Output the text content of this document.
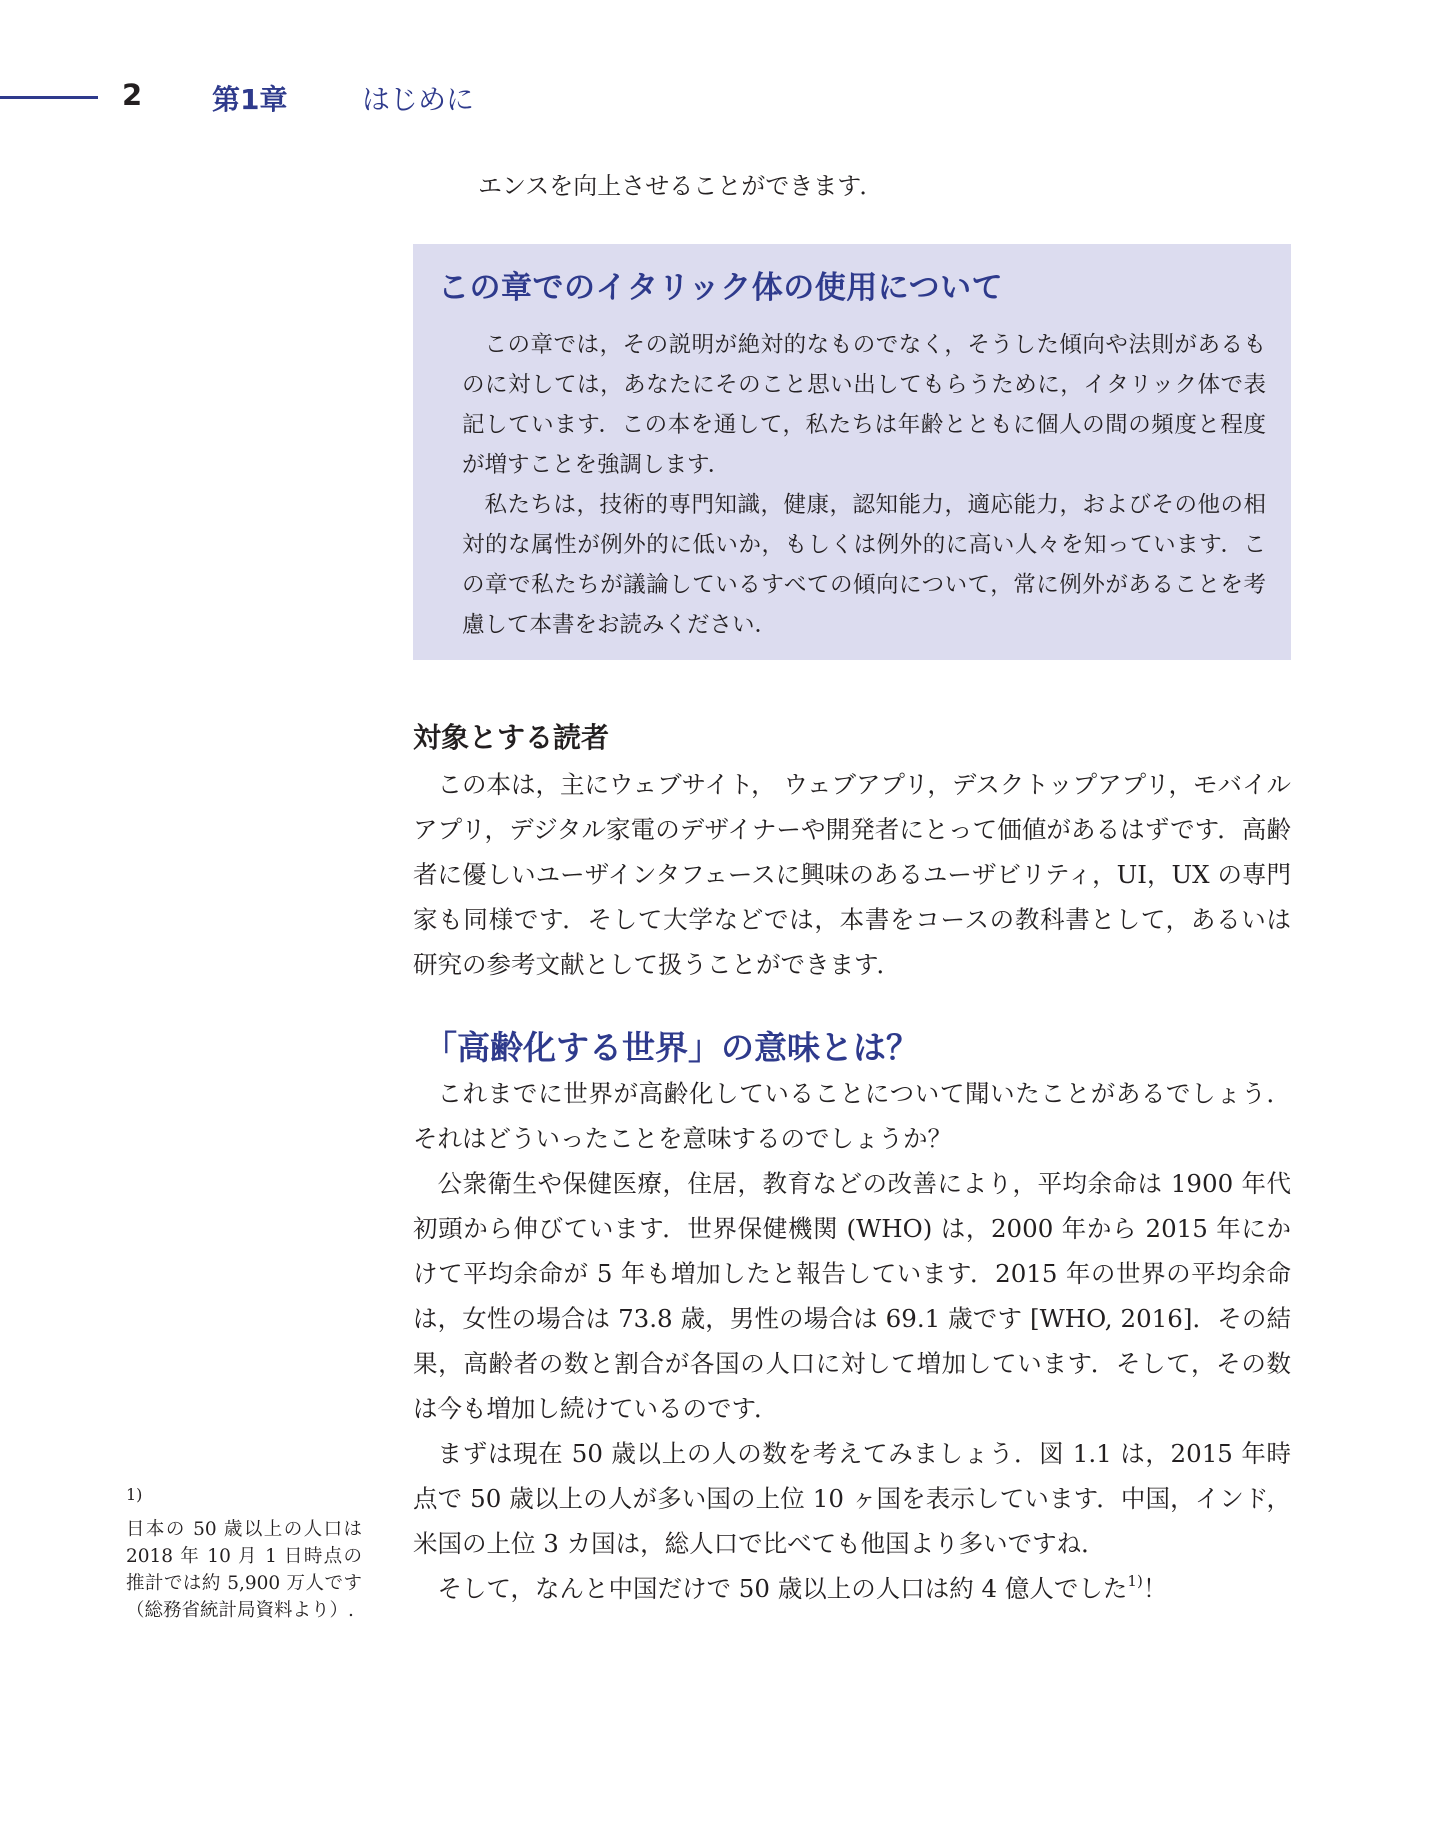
2 第1章	はじめに
エンスを向上させることができます．
この章でのイタリック体の使用について

この章では，その説明が絶対的なものでなく，そうした傾向や法則があるものに対しては，あなたにそのこと思い出してもらうために，イタリック体で表記しています．この本を通して，私たちは年齢とともに個人の間の頻度と程度が増すことを強調します．

私たちは，技術的専門知識，健康，認知能力，適応能力，およびその他の相対的な属性が例外的に低いか，もしくは例外的に高い人々を知っています．この章で私たちが議論しているすべての傾向について，常に例外があることを考慮して本書をお読みください．

対象とする読者

この本は，主にウェブサイト， ウェブアプリ，デスクトップアプリ，モバイルアプリ，デジタル家電のデザイナーや開発者にとって価値があるはずです．高齢者に優しいユーザインタフェースに興味のあるユーザビリティ，UI，UX の専門家も同様です．そして大学などでは，本書をコースの教科書として，あるいは研究の参考文献として扱うことができます．

「高齢化する世界」の意味とは？

これまでに世界が高齢化していることについて聞いたことがあるでしょう．それはどういったことを意味するのでしょうか？

公衆衛生や保健医療，住居，教育などの改善により，平均余命は 1900 年代初頭から伸びています．世界保健機関 (WHO) は，2000 年から 2015 年にかけて平均余命が 5 年も増加したと報告しています．2015 年の世界の平均余命は，女性の場合は 73.8 歳，男性の場合は 69.1 歳です [WHO, 2016]．その結果，高齢者の数と割合が各国の人口に対して増加しています．そして，その数は今も増加し続けているのです．

まずは現在 50 歳以上の人の数を考えてみましょう．図 1.1 は，2015 年時点で 50 歳以上の人が多い国の上位 10 ヶ国を表示しています．中国，インド，米国の上位 3 カ国は，総人口で比べても他国より多いですね．

そして，なんと中国だけで 50 歳以上の人口は約 4 億人でした$^{1)}$！

1)
日本の 50 歳以上の人口は 2018 年 10 月 1 日時点の推計では約 5,900 万人です（総務省統計局資料より）.
